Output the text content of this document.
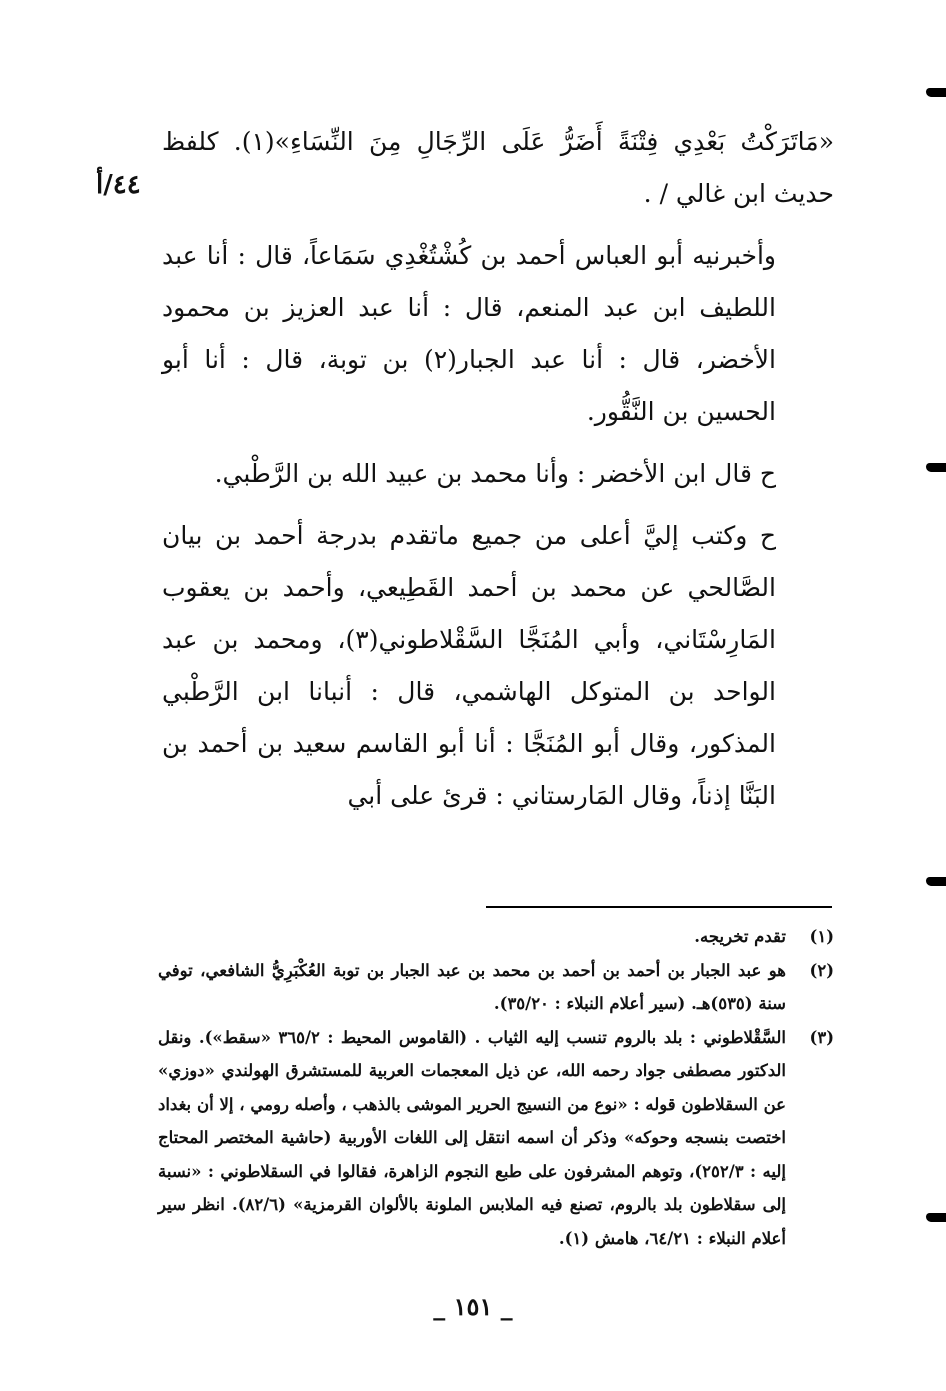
٤٤/أ

«مَاتَرَكْتُ بَعْدِي فِتْنَةً أَضَرُّ عَلَى الرِّجَالِ مِنَ النِّسَاءِ»(١). كلفظ حديث ابن غالي / .

وأخبرنيه أبو العباس أحمد بن كُشْتُغْدِي سَمَاعاً، قال : أنا عبد اللطيف ابن عبد المنعم، قال : أنا عبد العزيز بن محمود الأخضر، قال : أنا عبد الجبار(٢) بن توبة، قال : أنا أبو الحسين بن النَّقُّور.

ح قال ابن الأخضر : وأنا محمد بن عبيد الله بن الرَّطْبي.

ح وكتب إليَّ أعلى من جميع ماتقدم بدرجة أحمد بن بيان الصَّالحي عن محمد بن أحمد القَطِيعي، وأحمد بن يعقوب المَارِسْتَاني، وأبي المُنَجَّا السَّقْلاطوني(٣)، ومحمد بن عبد الواحد بن المتوكل الهاشمي، قال : أنبانا ابن الرَّطْبي المذكور، وقال أبو المُنَجَّا : أنا أبو القاسم سعيد بن أحمد بن البَنَّا إذناً، وقال المَارستاني : قرئ على أبي

(١)
تقدم تخريجه.
(٢)
هو عبد الجبار بن أحمد بن أحمد بن محمد بن عبد الجبار بن توبة العُكْبَرِيُّ الشافعي، توفي سنة (٥٣٥)هـ. (سير أعلام النبلاء : ٣٥/٢٠).
(٣)
السَّقْلاطوني : بلد بالروم تنسب إليه الثياب . (القاموس المحيط : ٣٦٥/٢ «سقط»). ونقل الدكتور مصطفى جواد رحمه الله، عن ذيل المعجمات العربية للمستشرق الهولندي «دوزي» عن السقلاطون قوله : «نوع من النسيج الحرير الموشى بالذهب ، وأصله رومي ، إلا أن بغداد اختصت بنسجه وحوكه» وذكر أن اسمه انتقل إلى اللغات الأوربية (حاشية المختصر المحتاج إليه : ٢٥٢/٣)، وتوهم المشرفون على طبع النجوم الزاهرة، فقالوا في السقلاطوني : «نسبة إلى سقلاطون بلد بالروم، تصنع فيه الملابس الملونة بالألوان القرمزية» (٨٢/٦). انظر سير أعلام النبلاء : ٦٤/٢١، هامش (١).
_ ١٥١ _
